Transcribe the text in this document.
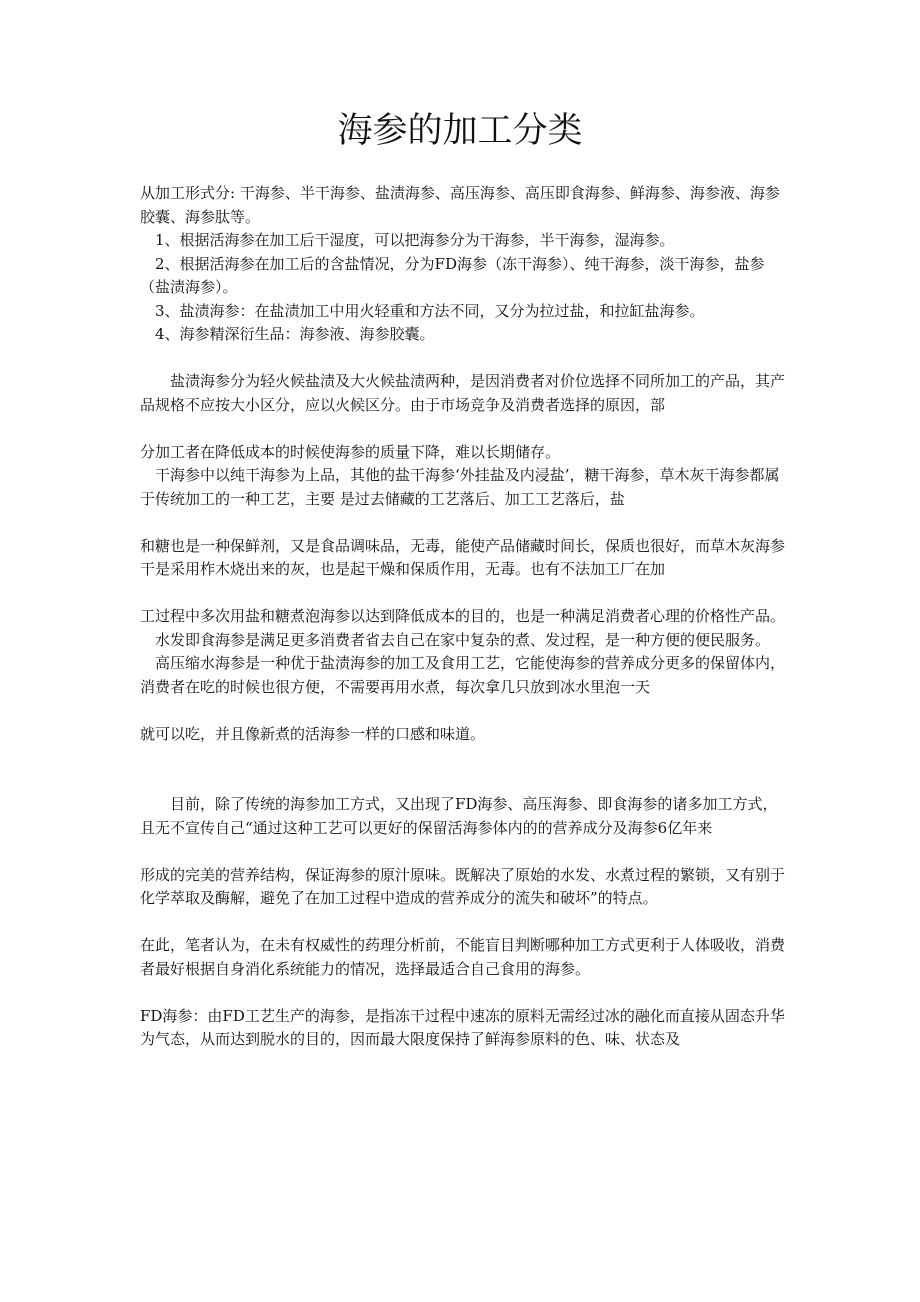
海参的加工分类

从加工形式分: 干海参、半干海参、盐渍海参、高压海参、高压即食海参、鲜海参、海参液、海参胶囊、海参肽等。

1、根据活海参在加工后干湿度，可以把海参分为干海参，半干海参，湿海参。

2、根据活海参在加工后的含盐情况，分为FD海参（冻干海参）、纯干海参，淡干海参，盐参（盐渍海参）。

3、盐渍海参：在盐渍加工中用火轻重和方法不同，又分为拉过盐，和拉缸盐海参。

4、海参精深衍生品：海参液、海参胶囊。

盐渍海参分为轻火候盐渍及大火候盐渍两种，是因消费者对价位选择不同所加工的产品，其产品规格不应按大小区分，应以火候区分。由于市场竞争及消费者选择的原因，部

分加工者在降低成本的时候使海参的质量下降，难以长期储存。

干海参中以纯干海参为上品，其他的盐干海参‘外挂盐及内浸盐’，糖干海参，草木灰干海参都属于传统加工的一种工艺，主要 是过去储藏的工艺落后、加工工艺落后，盐

和糖也是一种保鲜剂，又是食品调味品，无毒，能使产品储藏时间长，保质也很好，而草木灰海参干是采用柞木烧出来的灰，也是起干燥和保质作用，无毒。也有不法加工厂在加

工过程中多次用盐和糖煮泡海参以达到降低成本的目的，也是一种满足消费者心理的价格性产品。

水发即食海参是满足更多消费者省去自己在家中复杂的煮、发过程，是一种方便的便民服务。

高压缩水海参是一种优于盐渍海参的加工及食用工艺，它能使海参的营养成分更多的保留体内，消费者在吃的时候也很方便，不需要再用水煮，每次拿几只放到冰水里泡一天

就可以吃，并且像新煮的活海参一样的口感和味道。

目前，除了传统的海参加工方式，又出现了FD海参、高压海参、即食海参的诸多加工方式，且无不宣传自己“通过这种工艺可以更好的保留活海参体内的的营养成分及海参6亿年来

形成的完美的营养结构，保证海参的原汁原味。既解决了原始的水发、水煮过程的繁锁，又有别于化学萃取及酶解，避免了在加工过程中造成的营养成分的流失和破坏”的特点。

在此，笔者认为，在未有权威性的药理分析前，不能盲目判断哪种加工方式更利于人体吸收，消费者最好根据自身消化系统能力的情况，选择最适合自己食用的海参。

FD海参：由FD工艺生产的海参，是指冻干过程中速冻的原料无需经过冰的融化而直接从固态升华为气态，从而达到脱水的目的，因而最大限度保持了鲜海参原料的色、味、状态及
